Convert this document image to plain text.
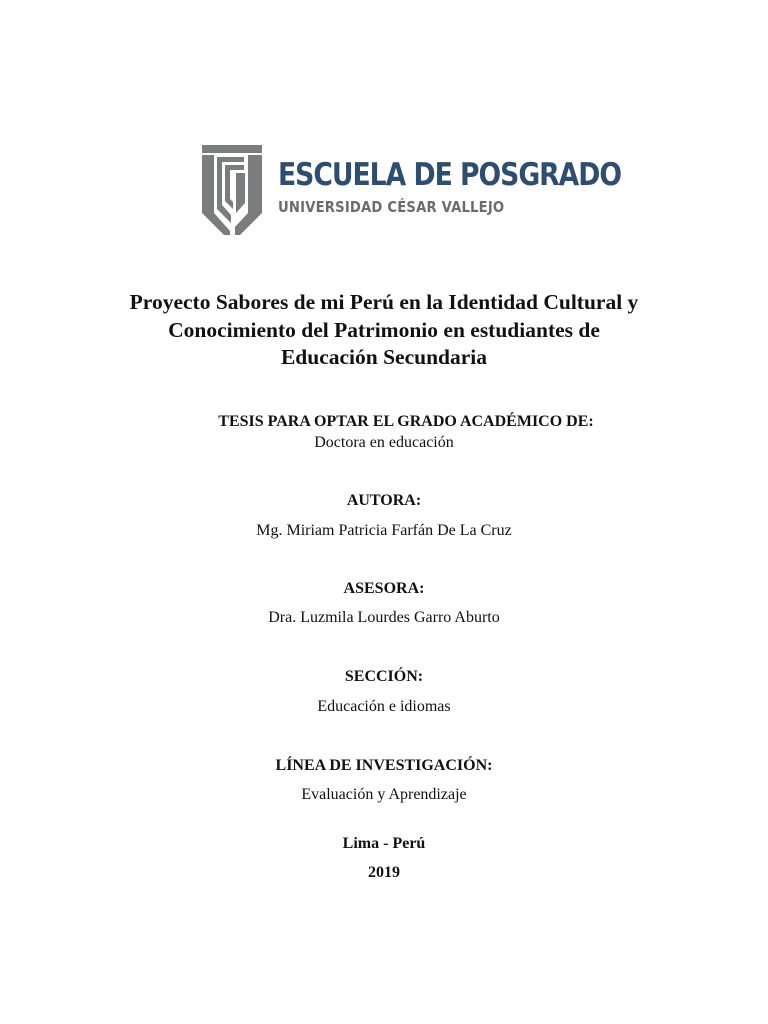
ESCUELA DE POSGRADO
UNIVERSIDAD CÉSAR VALLEJO
Proyecto Sabores de mi Perú en la Identidad Cultural y
Conocimiento del Patrimonio en estudiantes de
Educación Secundaria
TESIS PARA OPTAR EL GRADO ACADÉMICO DE:
Doctora en educación
AUTORA:
Mg. Miriam Patricia Farfán De La Cruz
ASESORA:
Dra. Luzmila Lourdes Garro Aburto
SECCIÓN:
Educación e idiomas
LÍNEA DE INVESTIGACIÓN:
Evaluación y Aprendizaje
Lima - Perú
2019
